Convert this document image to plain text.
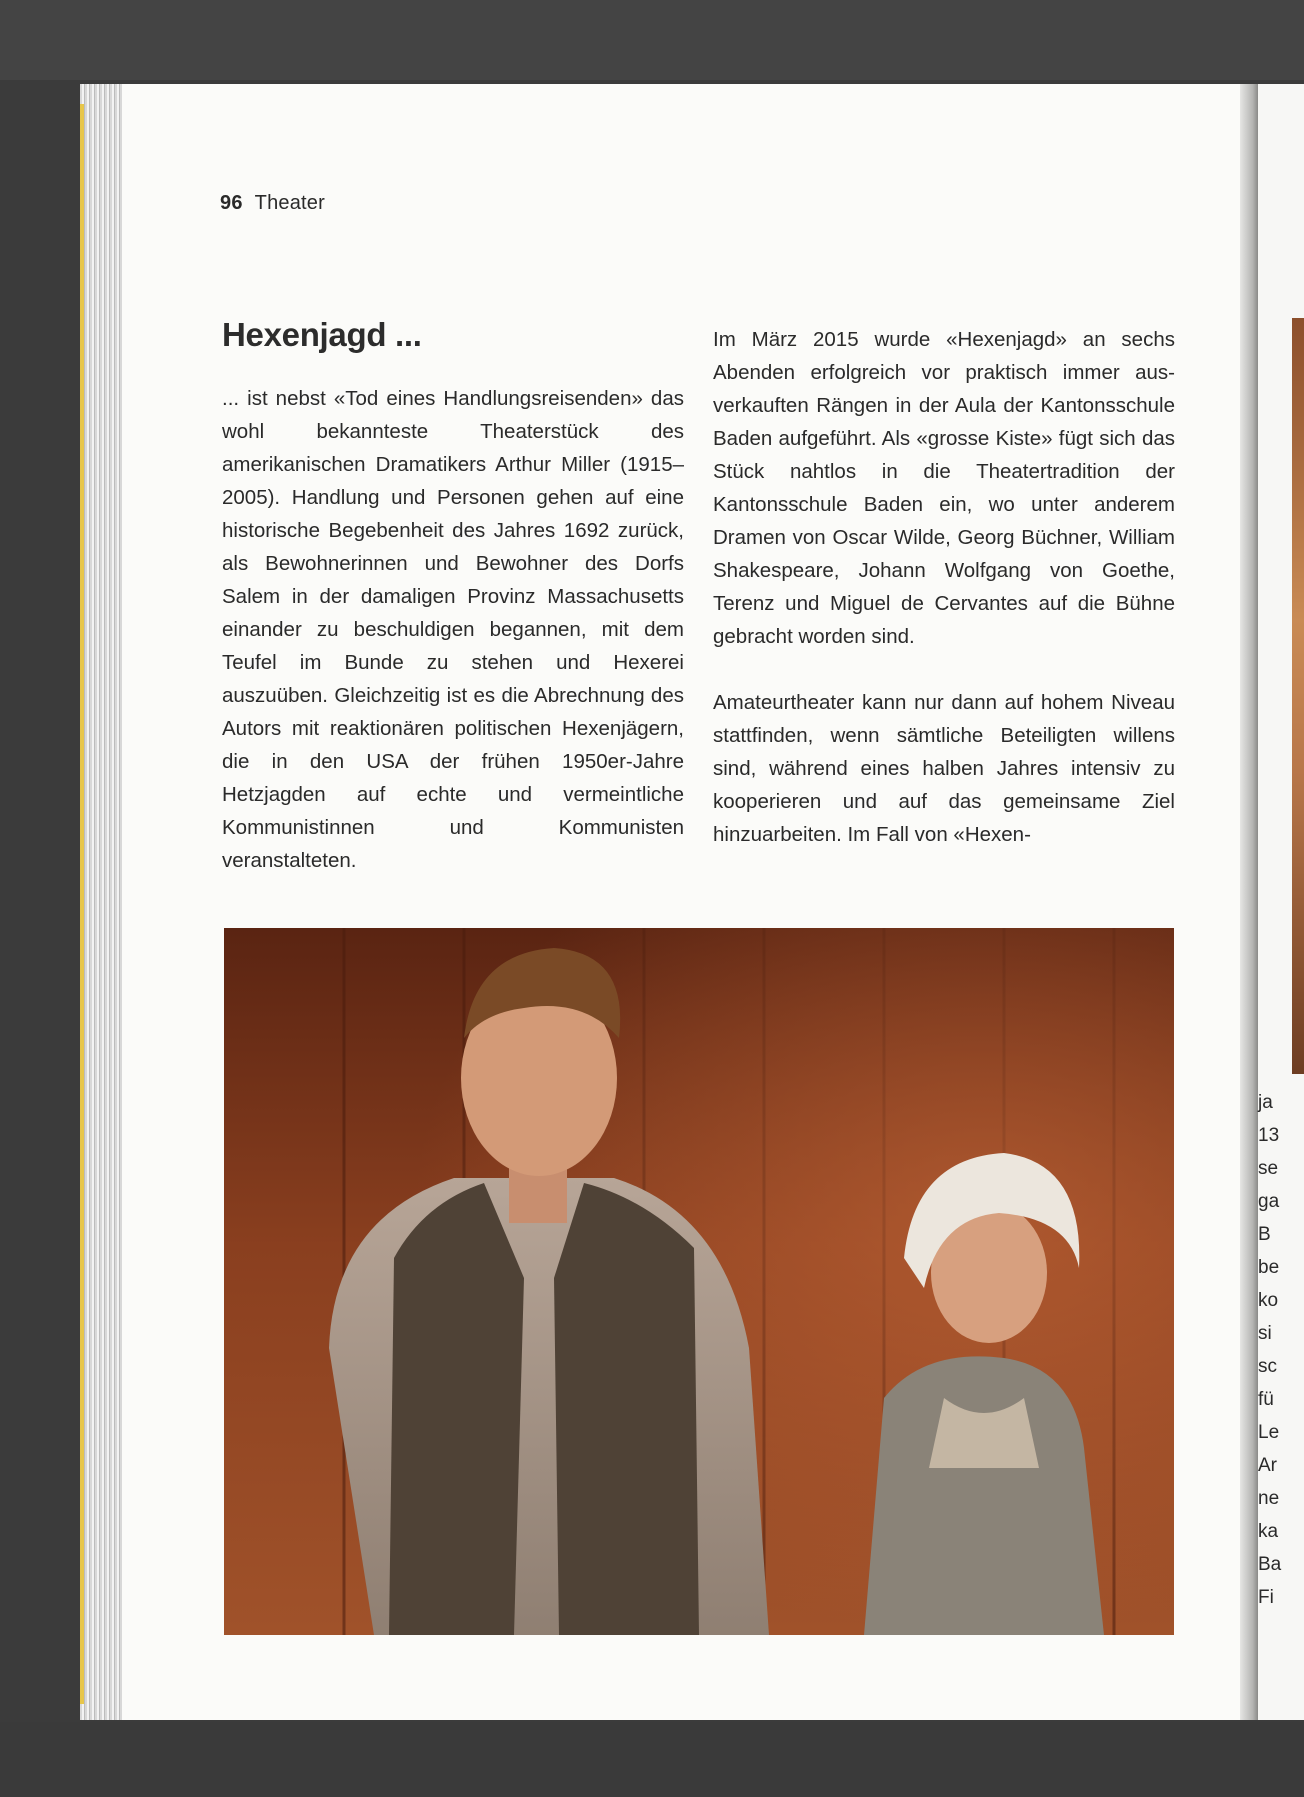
ja
13
se
ga
B
be
ko
si
sc
fü
Le
Ar
ne
ka
Ba
Fi
96 Theater
Hexenjagd ...

... ist nebst «Tod eines Handlungsreisenden» das wohl bekannteste Theaterstück des amerikanischen Dramatikers Arthur Miller (1915–2005). Handlung und Personen gehen auf eine historische Begebenheit des Jahres 1692 zurück, als Bewohnerinnen und Bewohner des Dorfs Salem in der damaligen Provinz Massachusetts einander zu beschuldigen begannen, mit dem Teufel im Bunde zu stehen und Hexerei auszuüben. Gleichzeitig ist es die Abrechnung des Autors mit reaktionären politischen Hexenjägern, die in den USA der frühen 1950er-Jahre Hetzjagden auf echte und vermeintliche Kommunistinnen und Kommunisten veranstalteten.

Im März 2015 wurde «Hexenjagd» an sechs Abenden erfolgreich vor praktisch immer ausverkauften Rängen in der Aula der Kantonsschule Baden aufgeführt. Als «grosse Kiste» fügt sich das Stück nahtlos in die Theatertradition der Kantonsschule Baden ein, wo unter anderem Dramen von Oscar Wilde, Georg Büchner, William Shakespeare, Johann Wolfgang von Goethe, Terenz und Miguel de Cervantes auf die Bühne gebracht worden sind.

Amateurtheater kann nur dann auf hohem Niveau stattfinden, wenn sämtliche Beteiligten willens sind, während eines halben Jahres intensiv zu kooperieren und auf das gemeinsame Ziel hinzuarbeiten. Im Fall von «Hexen-
